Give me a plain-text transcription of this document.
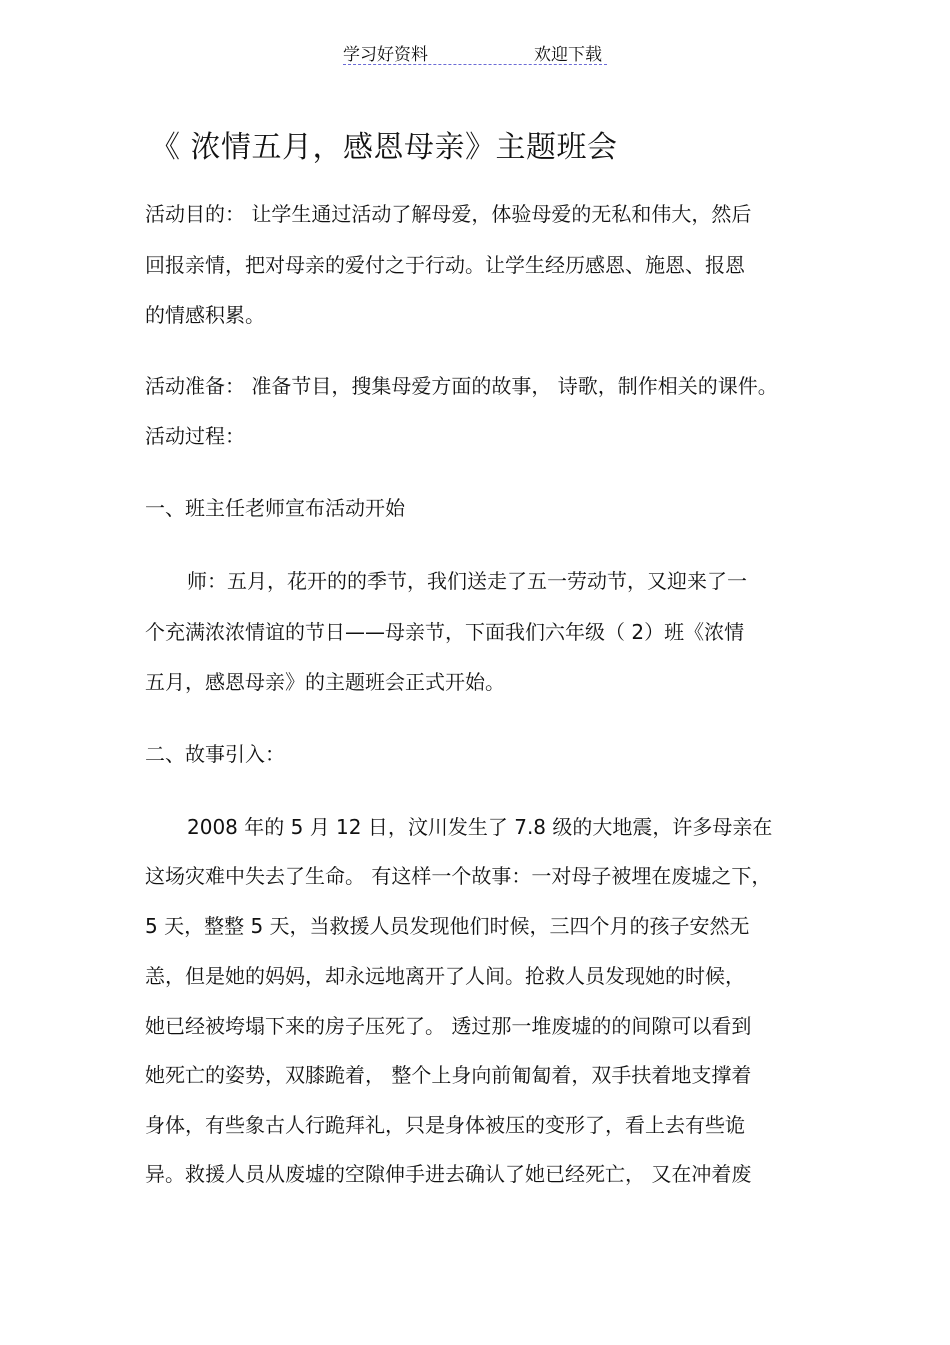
学习好资料	欢迎下载
《 浓情五月，感恩母亲》主题班会
活动目的： 让学生通过活动了解母爱，体验母爱的无私和伟大，然后
回报亲情，把对母亲的爱付之于行动。让学生经历感恩、施恩、报恩
的情感积累。
活动准备： 准备节目，搜集母爱方面的故事， 诗歌，制作相关的课件。
活动过程：
一、班主任老师宣布活动开始
师：五月，花开的的季节，我们送走了五一劳动节，又迎来了一
个充满浓浓情谊的节日——母亲节，下面我们六年级（ 2）班《浓情
五月，感恩母亲》的主题班会正式开始。
二、故事引入：
2008 年的 5 月 12 日，汶川发生了 7.8 级的大地震，许多母亲在
这场灾难中失去了生命。 有这样一个故事：一对母子被埋在废墟之下，
5 天，整整 5 天，当救援人员发现他们时候，三四个月的孩子安然无
恙，但是她的妈妈，却永远地离开了人间。抢救人员发现她的时候，
她已经被垮塌下来的房子压死了。 透过那一堆废墟的的间隙可以看到
她死亡的姿势，双膝跪着， 整个上身向前匍匐着，双手扶着地支撑着
身体，有些象古人行跪拜礼，只是身体被压的变形了，看上去有些诡
异。救援人员从废墟的空隙伸手进去确认了她已经死亡， 又在冲着废
